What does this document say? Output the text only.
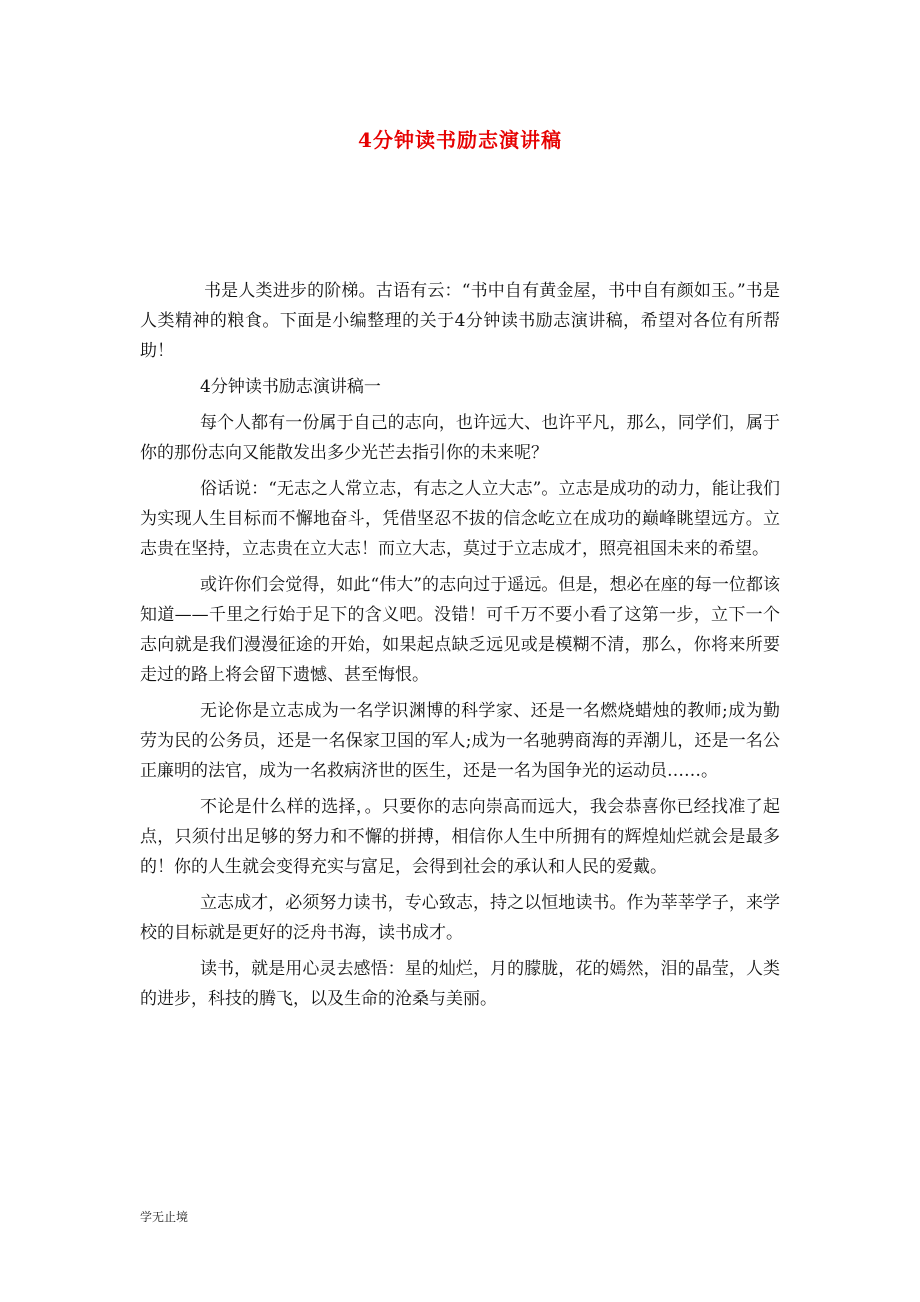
4分钟读书励志演讲稿

书是人类进步的阶梯。古语有云：“书中自有黄金屋，书中自有颜如玉。”书是人类精神的粮食。下面是小编整理的关于4分钟读书励志演讲稿，希望对各位有所帮助！

4分钟读书励志演讲稿一

每个人都有一份属于自己的志向，也许远大、也许平凡，那么，同学们，属于你的那份志向又能散发出多少光芒去指引你的未来呢？

俗话说：“无志之人常立志，有志之人立大志”。立志是成功的动力，能让我们为实现人生目标而不懈地奋斗，凭借坚忍不拔的信念屹立在成功的巅峰眺望远方。立志贵在坚持，立志贵在立大志！而立大志，莫过于立志成才，照亮祖国未来的希望。

或许你们会觉得，如此“伟大”的志向过于遥远。但是，想必在座的每一位都该知道——千里之行始于足下的含义吧。没错！可千万不要小看了这第一步，立下一个志向就是我们漫漫征途的开始，如果起点缺乏远见或是模糊不清，那么，你将来所要走过的路上将会留下遗憾、甚至悔恨。

无论你是立志成为一名学识渊博的科学家、还是一名燃烧蜡烛的教师;成为勤劳为民的公务员，还是一名保家卫国的军人;成为一名驰骋商海的弄潮儿，还是一名公正廉明的法官，成为一名救病济世的医生，还是一名为国争光的运动员……。

不论是什么样的选择，。只要你的志向崇高而远大，我会恭喜你已经找准了起点，只须付出足够的努力和不懈的拼搏，相信你人生中所拥有的辉煌灿烂就会是最多的！你的人生就会变得充实与富足，会得到社会的承认和人民的爱戴。

立志成才，必须努力读书，专心致志，持之以恒地读书。作为莘莘学子，来学校的目标就是更好的泛舟书海，读书成才。

读书，就是用心灵去感悟：星的灿烂，月的朦胧，花的嫣然，泪的晶莹，人类的进步，科技的腾飞，以及生命的沧桑与美丽。

学无止境
